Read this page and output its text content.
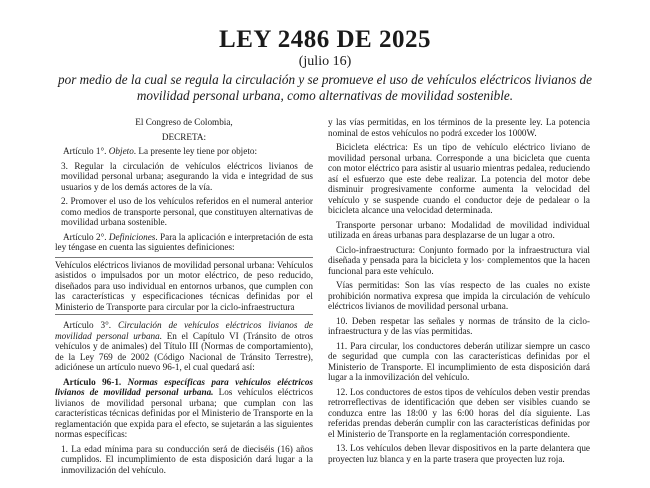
LEY 2486 DE 2025
(julio 16)
por medio de la cual se regula la circulación y se promueve el uso de vehículos eléctricos livianos de movilidad personal urbana, como alternativas de movilidad sostenible.

El Congreso de Colombia,

DECRETA:

Artículo 1°. Objeto. La presente ley tiene por objeto:

3. Regular la circulación de vehículos eléctricos livianos de movilidad personal urbana; asegurando la vida e integridad de sus usuarios y de los demás actores de la vía.

2. Promover el uso de los vehículos referidos en el numeral anterior como medios de transporte personal, que constituyen alternativas de movilidad urbana sostenible.

Artículo 2°. Definiciones. Para la aplicación e interpretación de esta ley téngase en cuenta las siguientes definiciones:

Vehículos eléctricos livianos de movilidad personal urbana: Vehículos asistidos o impulsados por un motor eléctrico, de peso reducido, diseñados para uso individual en entornos urbanos, que cumplen con las características y especificaciones técnicas definidas por el Ministerio de Transporte para circular por la ciclo-infraestructura

Artículo 3°. Circulación de vehículos eléctricos livianos de movilidad personal urbana. En el Capítulo VI (Tránsito de otros vehículos y de animales) del Título III (Normas de comportamiento), de la Ley 769 de 2002 (Código Nacional de Tránsito Terrestre), adiciónese un artículo nuevo 96-1, el cual quedará así:

Artículo 96-1. Normas específicas para vehículos eléctricos livianos de movilidad personal urbana. Los vehículos eléctricos livianos de movilidad personal urbana; que cumplan con las características técnicas definidas por el Ministerio de Transporte en la reglamentación que expida para el efecto, se sujetarán a las siguientes normas específicas:

1. La edad mínima para su conducción será de dieciséis (16) años cumplidos. El incumplimiento de esta disposición dará lugar a la inmovilización del vehículo.

y las vías permitidas, en los términos de la presente ley. La potencia nominal de estos vehículos no podrá exceder los 1000W.

Bicicleta eléctrica: Es un tipo de vehículo eléctrico liviano de movilidad personal urbana. Corresponde a una bicicleta que cuenta con motor eléctrico para asistir al usuario mientras pedalea, reduciendo así el esfuerzo que este debe realizar. La potencia del motor debe disminuir progresivamente conforme aumenta la velocidad del vehículo y se suspende cuando el conductor deje de pedalear o la bicicleta alcance una velocidad determinada.

Transporte personar urbano: Modalidad de movilidad individual utilizada en áreas urbanas para desplazarse de un lugar a otro.

Ciclo-infraestructura: Conjunto formado por la infraestructura vial diseñada y pensada para la bicicleta y los· complementos que la hacen funcional para este vehículo.

Vías permitidas: Son las vías respecto de las cuales no existe prohibición normativa expresa que impida la circulación de vehículo eléctricos livianos de movilidad personal urbana.

10. Deben respetar las señales y normas de tránsito de la ciclo-infraestructura y de las vías permitidas.

11. Para circular, los conductores deberán utilizar siempre un casco de seguridad que cumpla con las características definidas por el Ministerio de Transporte. El incumplimiento de esta disposición dará lugar a la inmovilización del vehículo.

12. Los conductores de estos tipos de vehículos deben vestir prendas retrorreflectivas de identificación que deben ser visibles cuando se conduzca entre las 18:00 y las 6:00 horas del día siguiente. Las referidas prendas deberán cumplir con las características definidas por el Ministerio de Transporte en la reglamentación correspondiente.

13. Los vehículos deben llevar dispositivos en la parte delantera que proyecten luz blanca y en la parte trasera que proyecten luz roja.
